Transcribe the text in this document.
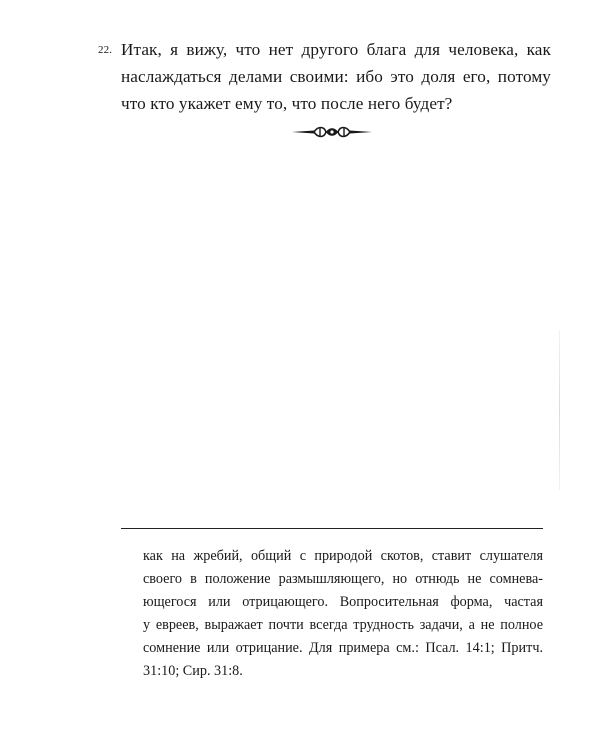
22. Итак, я вижу, что нет другого блага для человека, как
наслаждаться делами своими: ибо это доля его, потому
что кто укажет ему то, что после него будет?
как на жребий, общий с природой скотов, ставит слушателя
своего в положение размышляющего, но отнюдь не сомнева-
ющегося или отрицающего. Вопросительная форма, частая
у евреев, выражает почти всегда трудность задачи, а не полное
сомнение или отрицание. Для примера см.: Псал. 14:1; Притч.
31:10; Сир. 31:8.
